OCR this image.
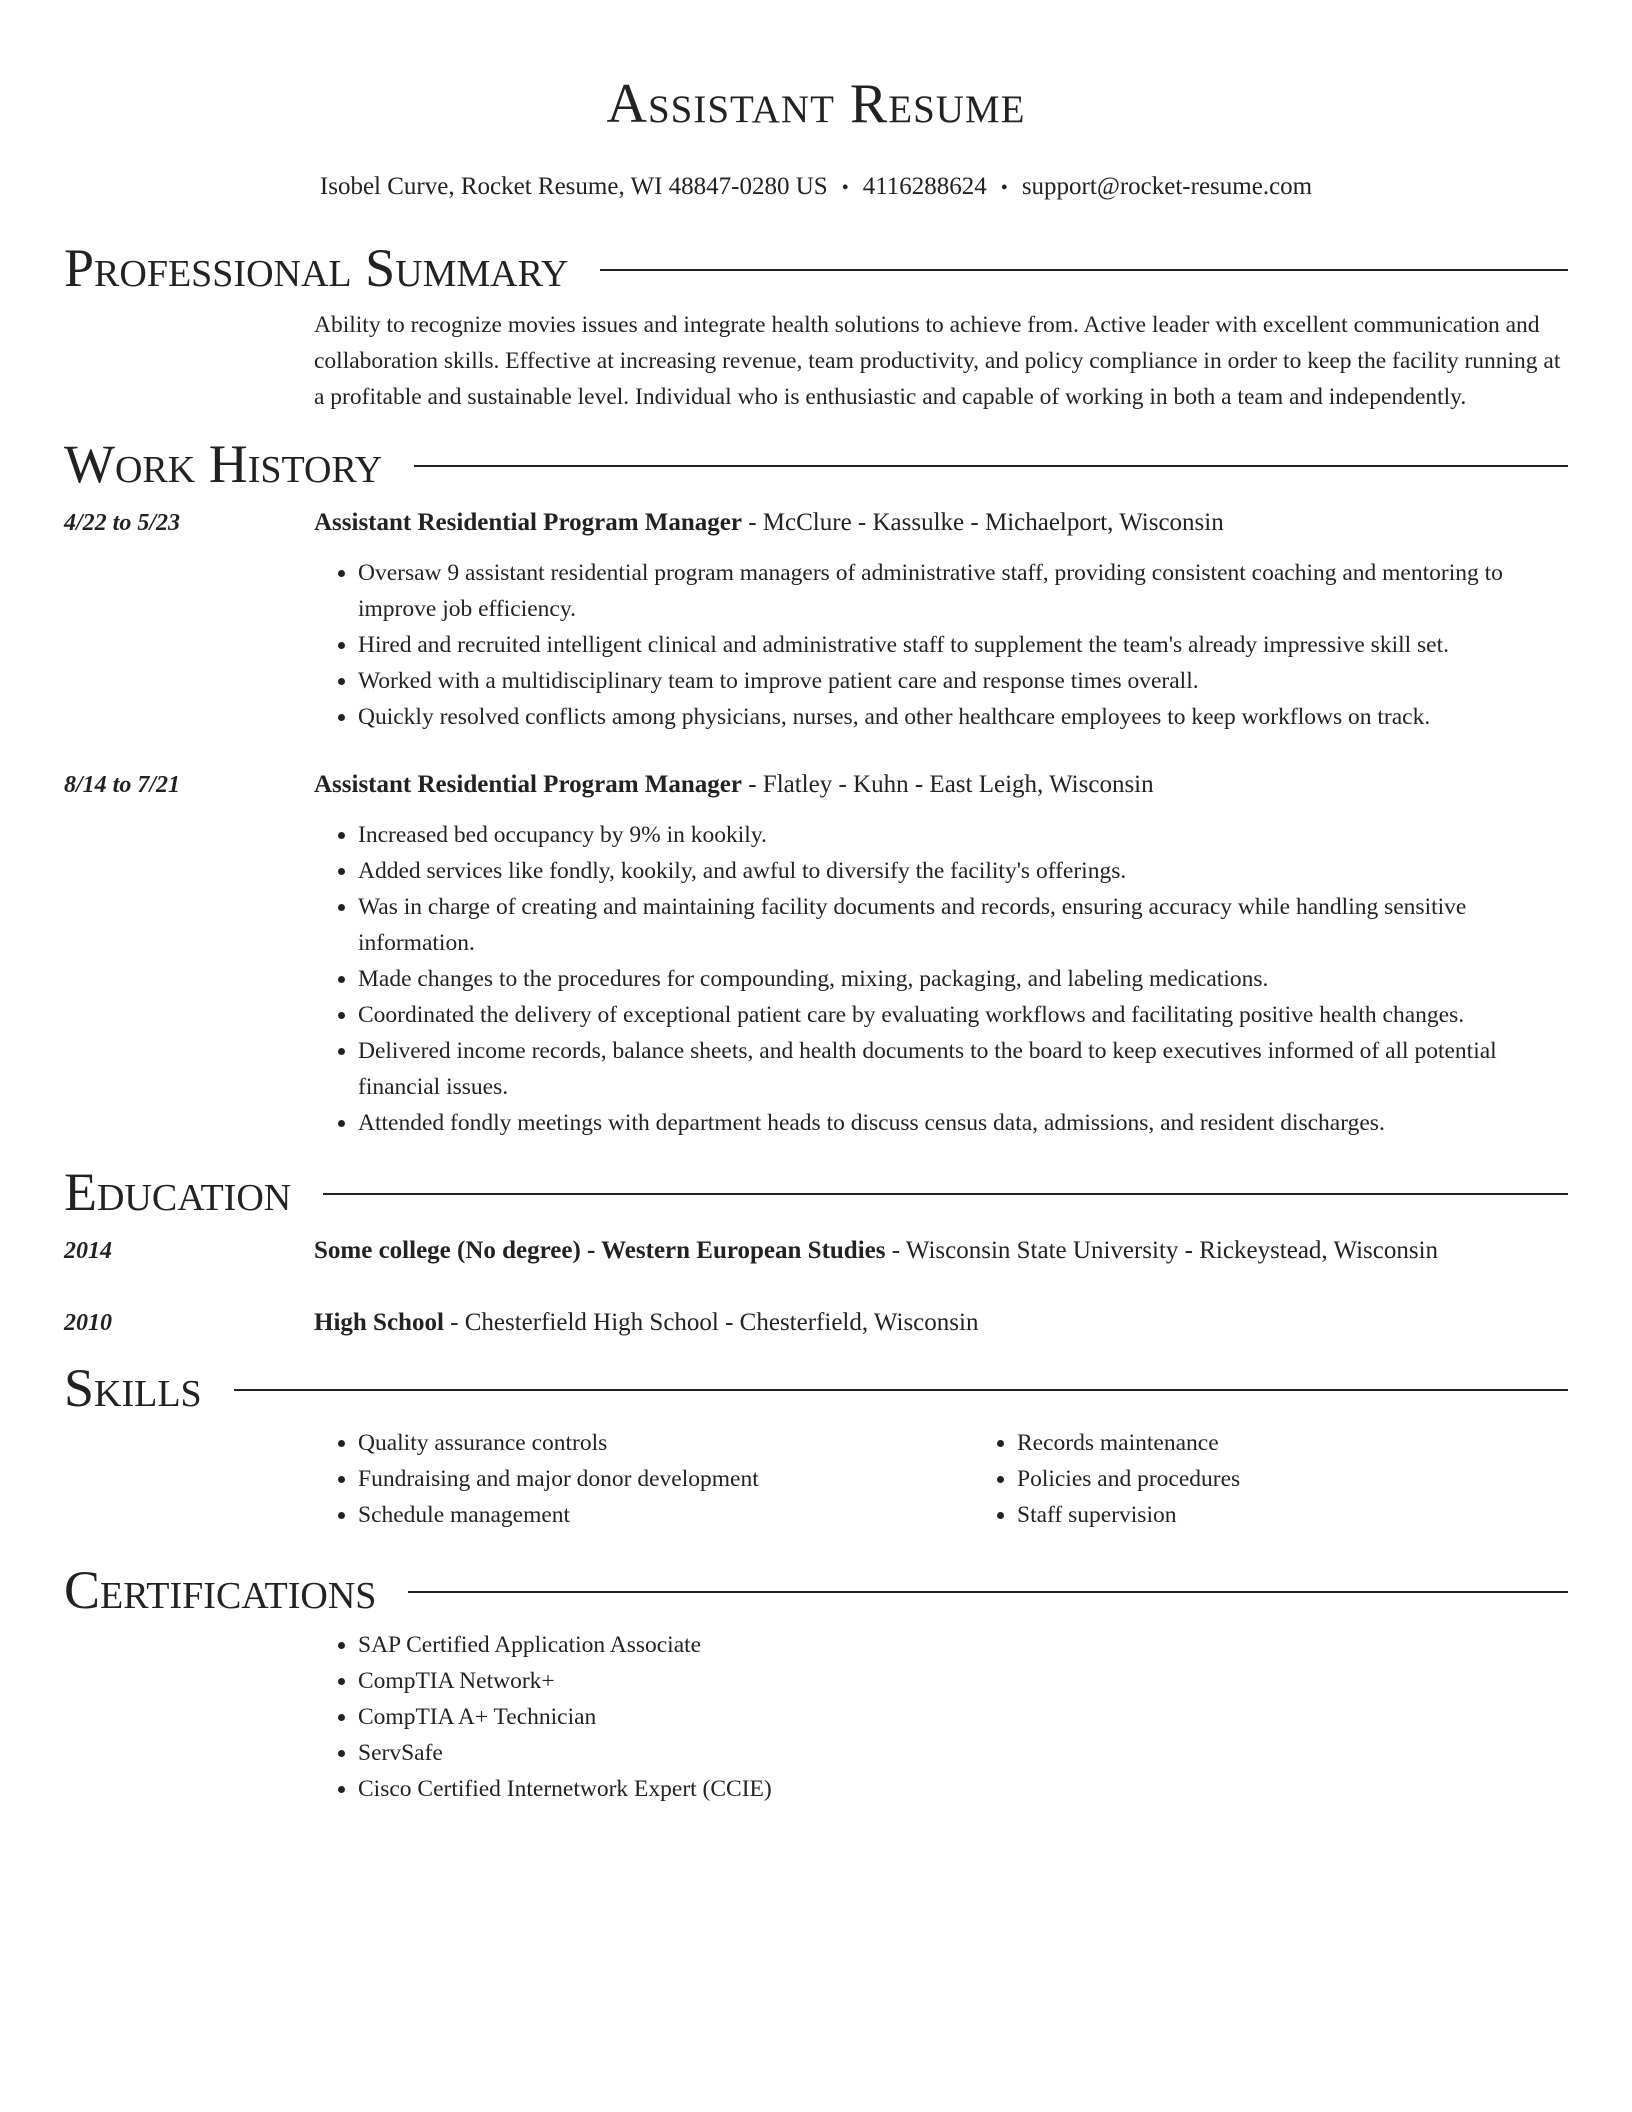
Assistant Resume
Isobel Curve, Rocket Resume, WI 48847-0280 US • 4116288624 • support@rocket-resume.com
Professional Summary
Ability to recognize movies issues and integrate health solutions to achieve from. Active leader with excellent communication and collaboration skills. Effective at increasing revenue, team productivity, and policy compliance in order to keep the facility running at a profitable and sustainable level. Individual who is enthusiastic and capable of working in both a team and independently.
Work History
4/22 to 5/23	Assistant Residential Program Manager - McClure - Kassulke - Michaelport, Wisconsin
• Oversaw 9 assistant residential program managers of administrative staff, providing consistent coaching and mentoring to improve job efficiency.
• Hired and recruited intelligent clinical and administrative staff to supplement the team's already impressive skill set.
• Worked with a multidisciplinary team to improve patient care and response times overall.
• Quickly resolved conflicts among physicians, nurses, and other healthcare employees to keep workflows on track.
8/14 to 7/21	Assistant Residential Program Manager - Flatley - Kuhn - East Leigh, Wisconsin
• Increased bed occupancy by 9% in kookily.
• Added services like fondly, kookily, and awful to diversify the facility's offerings.
• Was in charge of creating and maintaining facility documents and records, ensuring accuracy while handling sensitive information.
• Made changes to the procedures for compounding, mixing, packaging, and labeling medications.
• Coordinated the delivery of exceptional patient care by evaluating workflows and facilitating positive health changes.
• Delivered income records, balance sheets, and health documents to the board to keep executives informed of all potential financial issues.
• Attended fondly meetings with department heads to discuss census data, admissions, and resident discharges.
Education
2014	Some college (No degree) - Western European Studies - Wisconsin State University - Rickeystead, Wisconsin
2010	High School - Chesterfield High School - Chesterfield, Wisconsin
Skills
• Quality assurance controls
• Fundraising and major donor development
• Schedule management
• Records maintenance
• Policies and procedures
• Staff supervision
Certifications
• SAP Certified Application Associate
• CompTIA Network+
• CompTIA A+ Technician
• ServSafe
• Cisco Certified Internetwork Expert (CCIE)
